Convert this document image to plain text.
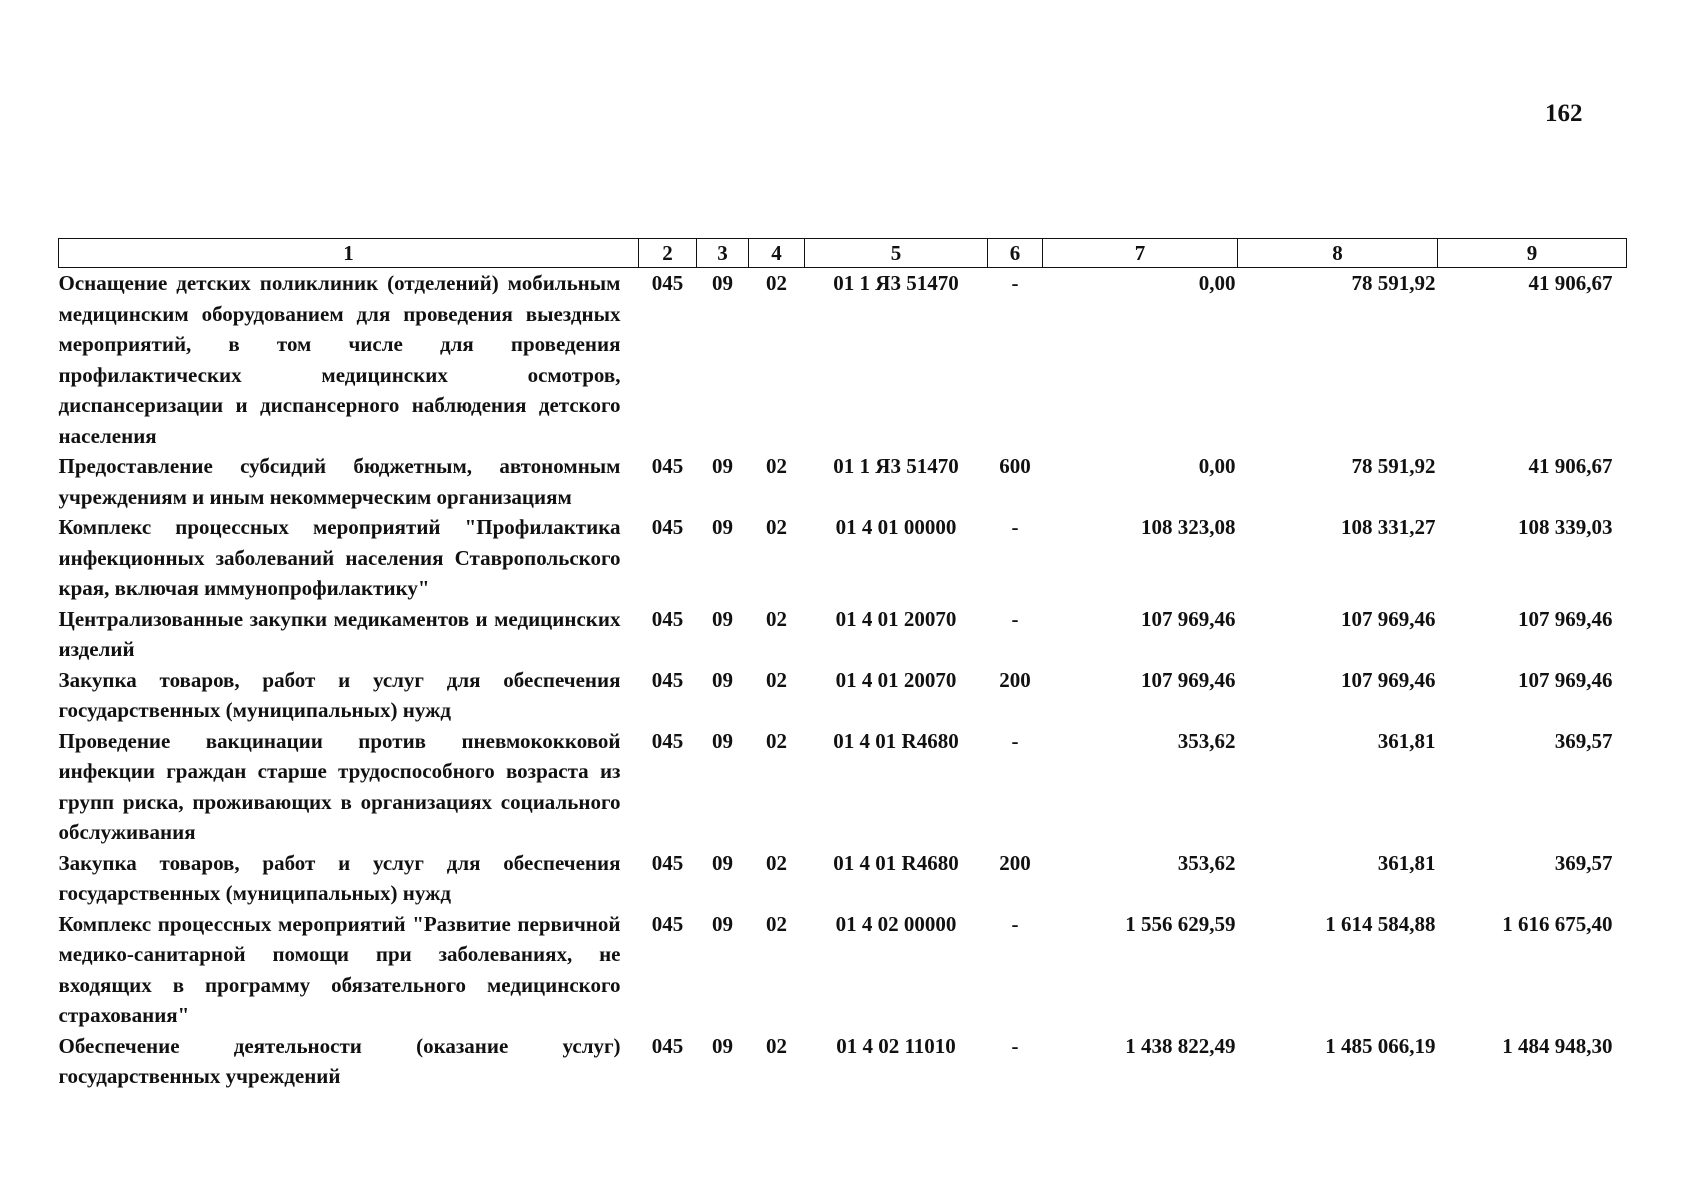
162
1	2	3	4	5	6	7	8	9
Оснащение детских поликлиник (отделений) мобильным медицинским оборудованием для проведения выездных мероприятий, в том числе для проведения профилактических медицинских осмотров, диспансеризации и диспансерного наблюдения детского населения	045	09	02	01 1 Я3 51470	-	0,00	78 591,92	41 906,67
Предоставление субсидий бюджетным, автономным учреждениям и иным некоммерческим организациям	045	09	02	01 1 Я3 51470	600	0,00	78 591,92	41 906,67
Комплекс процессных мероприятий "Профилактика инфекционных заболеваний населения Ставропольского края, включая иммунопрофилактику"	045	09	02	01 4 01 00000	-	108 323,08	108 331,27	108 339,03
Централизованные закупки медикаментов и медицинских изделий	045	09	02	01 4 01 20070	-	107 969,46	107 969,46	107 969,46
Закупка товаров, работ и услуг для обеспечения государственных (муниципальных) нужд	045	09	02	01 4 01 20070	200	107 969,46	107 969,46	107 969,46
Проведение вакцинации против пневмококковой инфекции граждан старше трудоспособного возраста из групп риска, проживающих в организациях социального обслуживания	045	09	02	01 4 01 R4680	-	353,62	361,81	369,57
Закупка товаров, работ и услуг для обеспечения государственных (муниципальных) нужд	045	09	02	01 4 01 R4680	200	353,62	361,81	369,57
Комплекс процессных мероприятий "Развитие первичной медико-санитарной помощи при заболеваниях, не входящих в программу обязательного медицинского страхования"	045	09	02	01 4 02 00000	-	1 556 629,59	1 614 584,88	1 616 675,40
Обеспечение деятельности (оказание услуг) государственных учреждений	045	09	02	01 4 02 11010	-	1 438 822,49	1 485 066,19	1 484 948,30
